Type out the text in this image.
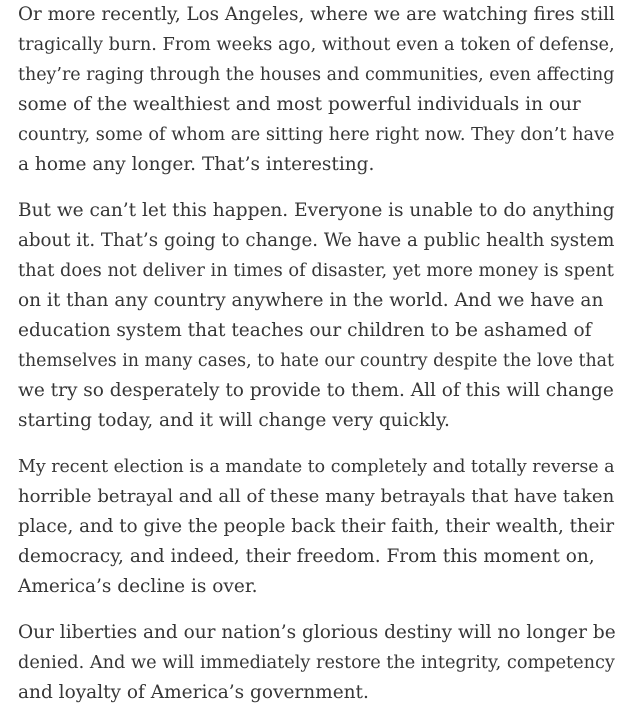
Or more recently, Los Angeles, where we are watching fires still
tragically burn. From weeks ago, without even a token of defense,
they’re raging through the houses and communities, even affecting
some of the wealthiest and most powerful individuals in our
country, some of whom are sitting here right now. They don’t have
a home any longer. That’s interesting.

But we can’t let this happen. Everyone is unable to do anything
about it. That’s going to change. We have a public health system
that does not deliver in times of disaster, yet more money is spent
on it than any country anywhere in the world. And we have an
education system that teaches our children to be ashamed of
themselves in many cases, to hate our country despite the love that
we try so desperately to provide to them. All of this will change
starting today, and it will change very quickly.

My recent election is a mandate to completely and totally reverse a
horrible betrayal and all of these many betrayals that have taken
place, and to give the people back their faith, their wealth, their
democracy, and indeed, their freedom. From this moment on,
America’s decline is over.

Our liberties and our nation’s glorious destiny will no longer be
denied. And we will immediately restore the integrity, competency
and loyalty of America’s government.
